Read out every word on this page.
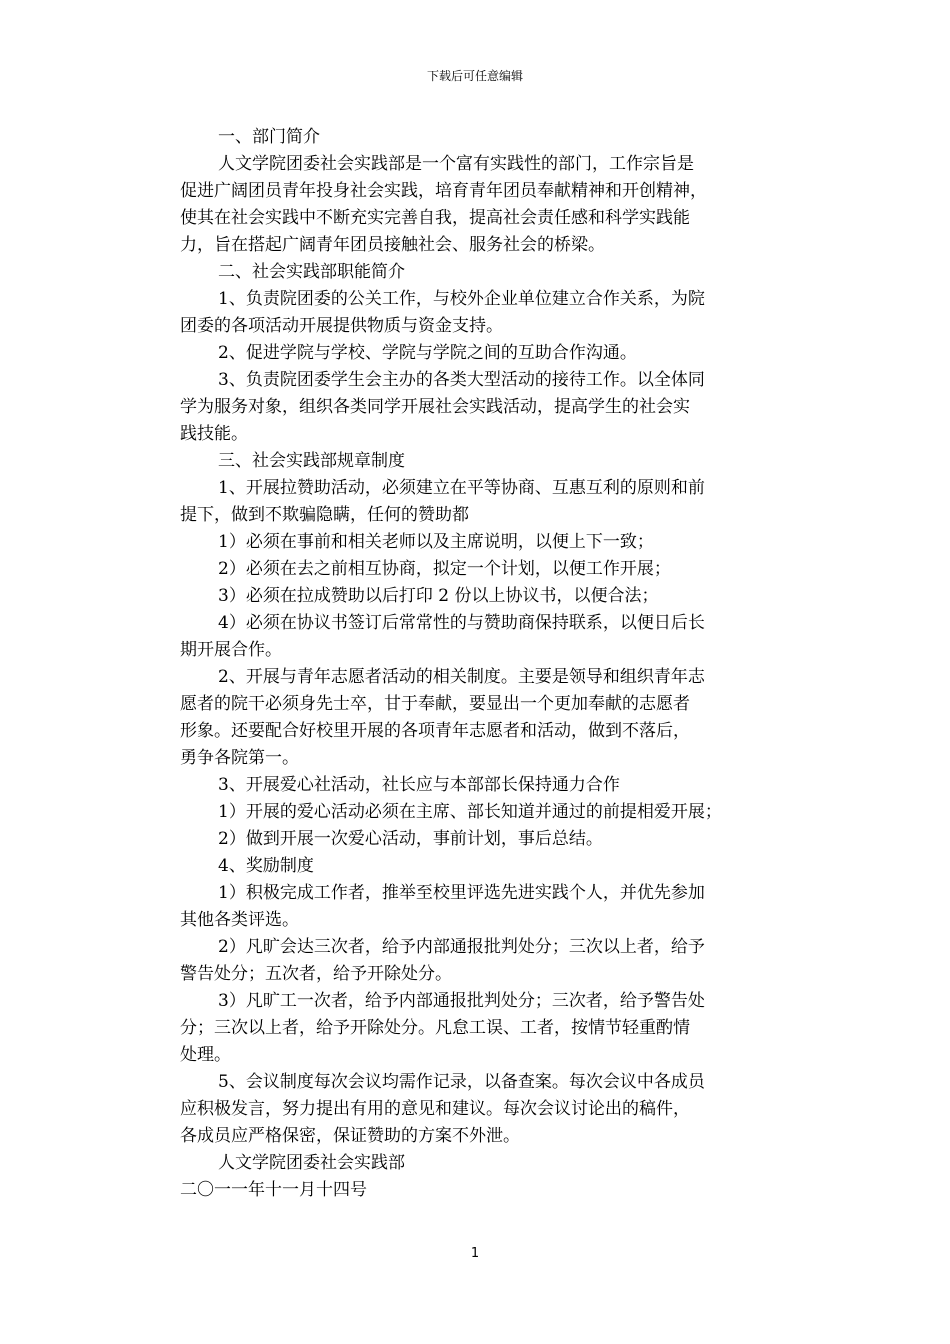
下载后可任意编辑

一、部门简介

人文学院团委社会实践部是一个富有实践性的部门，工作宗旨是

促进广阔团员青年投身社会实践，培育青年团员奉献精神和开创精神，

使其在社会实践中不断充实完善自我，提高社会责任感和科学实践能

力，旨在搭起广阔青年团员接触社会、服务社会的桥梁。

二、社会实践部职能简介

1、负责院团委的公关工作，与校外企业单位建立合作关系，为院

团委的各项活动开展提供物质与资金支持。

2、促进学院与学校、学院与学院之间的互助合作沟通。

3、负责院团委学生会主办的各类大型活动的接待工作。以全体同

学为服务对象，组织各类同学开展社会实践活动，提高学生的社会实

践技能。

三、社会实践部规章制度

1、开展拉赞助活动，必须建立在平等协商、互惠互利的原则和前

提下，做到不欺骗隐瞒，任何的赞助都

1）必须在事前和相关老师以及主席说明，以便上下一致；

2）必须在去之前相互协商，拟定一个计划，以便工作开展；

3）必须在拉成赞助以后打印 2 份以上协议书，以便合法；

4）必须在协议书签订后常常性的与赞助商保持联系，以便日后长

期开展合作。

2、开展与青年志愿者活动的相关制度。主要是领导和组织青年志

愿者的院干必须身先士卒，甘于奉献，要显出一个更加奉献的志愿者

形象。还要配合好校里开展的各项青年志愿者和活动，做到不落后，

勇争各院第一。

3、开展爱心社活动，社长应与本部部长保持通力合作

1）开展的爱心活动必须在主席、部长知道并通过的前提相爱开展；

2）做到开展一次爱心活动，事前计划，事后总结。

4、奖励制度

1）积极完成工作者，推举至校里评选先进实践个人，并优先参加

其他各类评选。

2）凡旷会达三次者，给予内部通报批判处分；三次以上者，给予

警告处分；五次者，给予开除处分。

3）凡旷工一次者，给予内部通报批判处分；三次者，给予警告处

分；三次以上者，给予开除处分。凡怠工误、工者，按情节轻重酌情

处理。

5、会议制度每次会议均需作记录，以备查案。每次会议中各成员

应积极发言，努力提出有用的意见和建议。每次会议讨论出的稿件，

各成员应严格保密，保证赞助的方案不外泄。

人文学院团委社会实践部

二〇一一年十一月十四号

1
